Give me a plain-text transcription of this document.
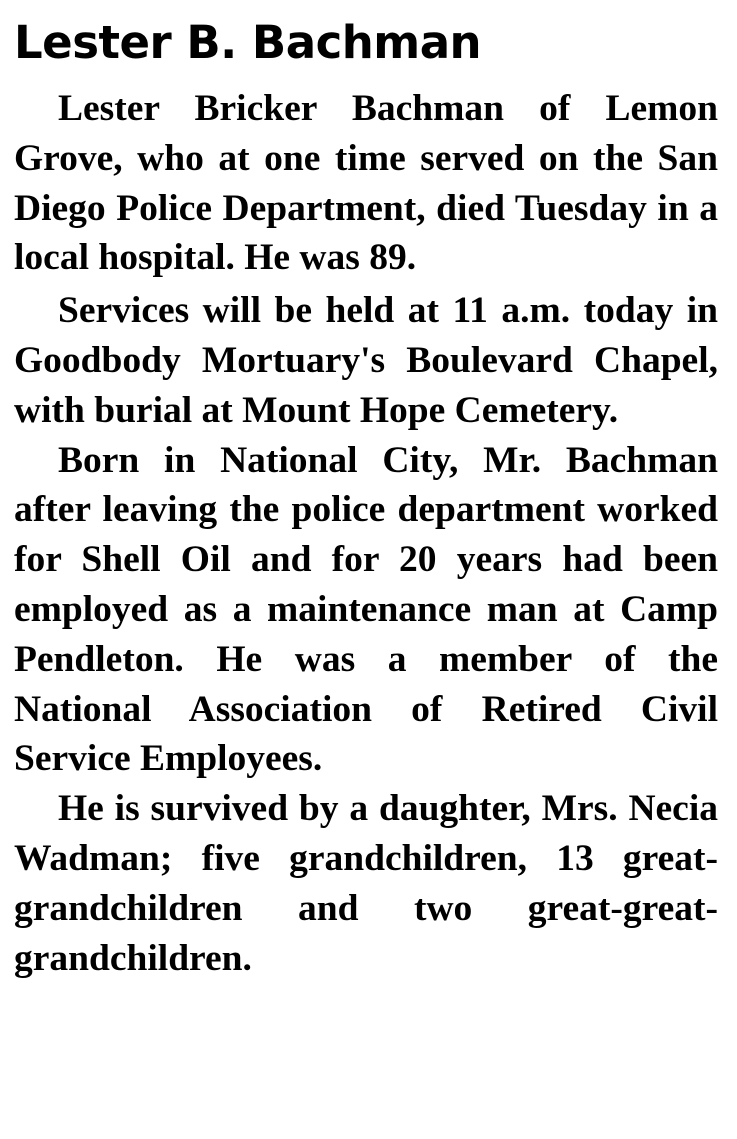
Lester B. Bachman

Lester Bricker Bachman of Lemon Grove, who at one time served on the San Diego Police Department, died Tuesday in a local hospital. He was 89.

Services will be held at 11 a.m. today in Goodbody Mortuary's Boulevard Chapel, with burial at Mount Hope Cemetery.

Born in National City, Mr. Bachman after leaving the police department worked for Shell Oil and for 20 years had been employed as a maintenance man at Camp Pendleton. He was a member of the National Association of Retired Civil Service Employees.

He is survived by a daughter, Mrs. Necia Wadman; five grandchildren, 13 great-grandchildren and two great-great-grandchildren.
